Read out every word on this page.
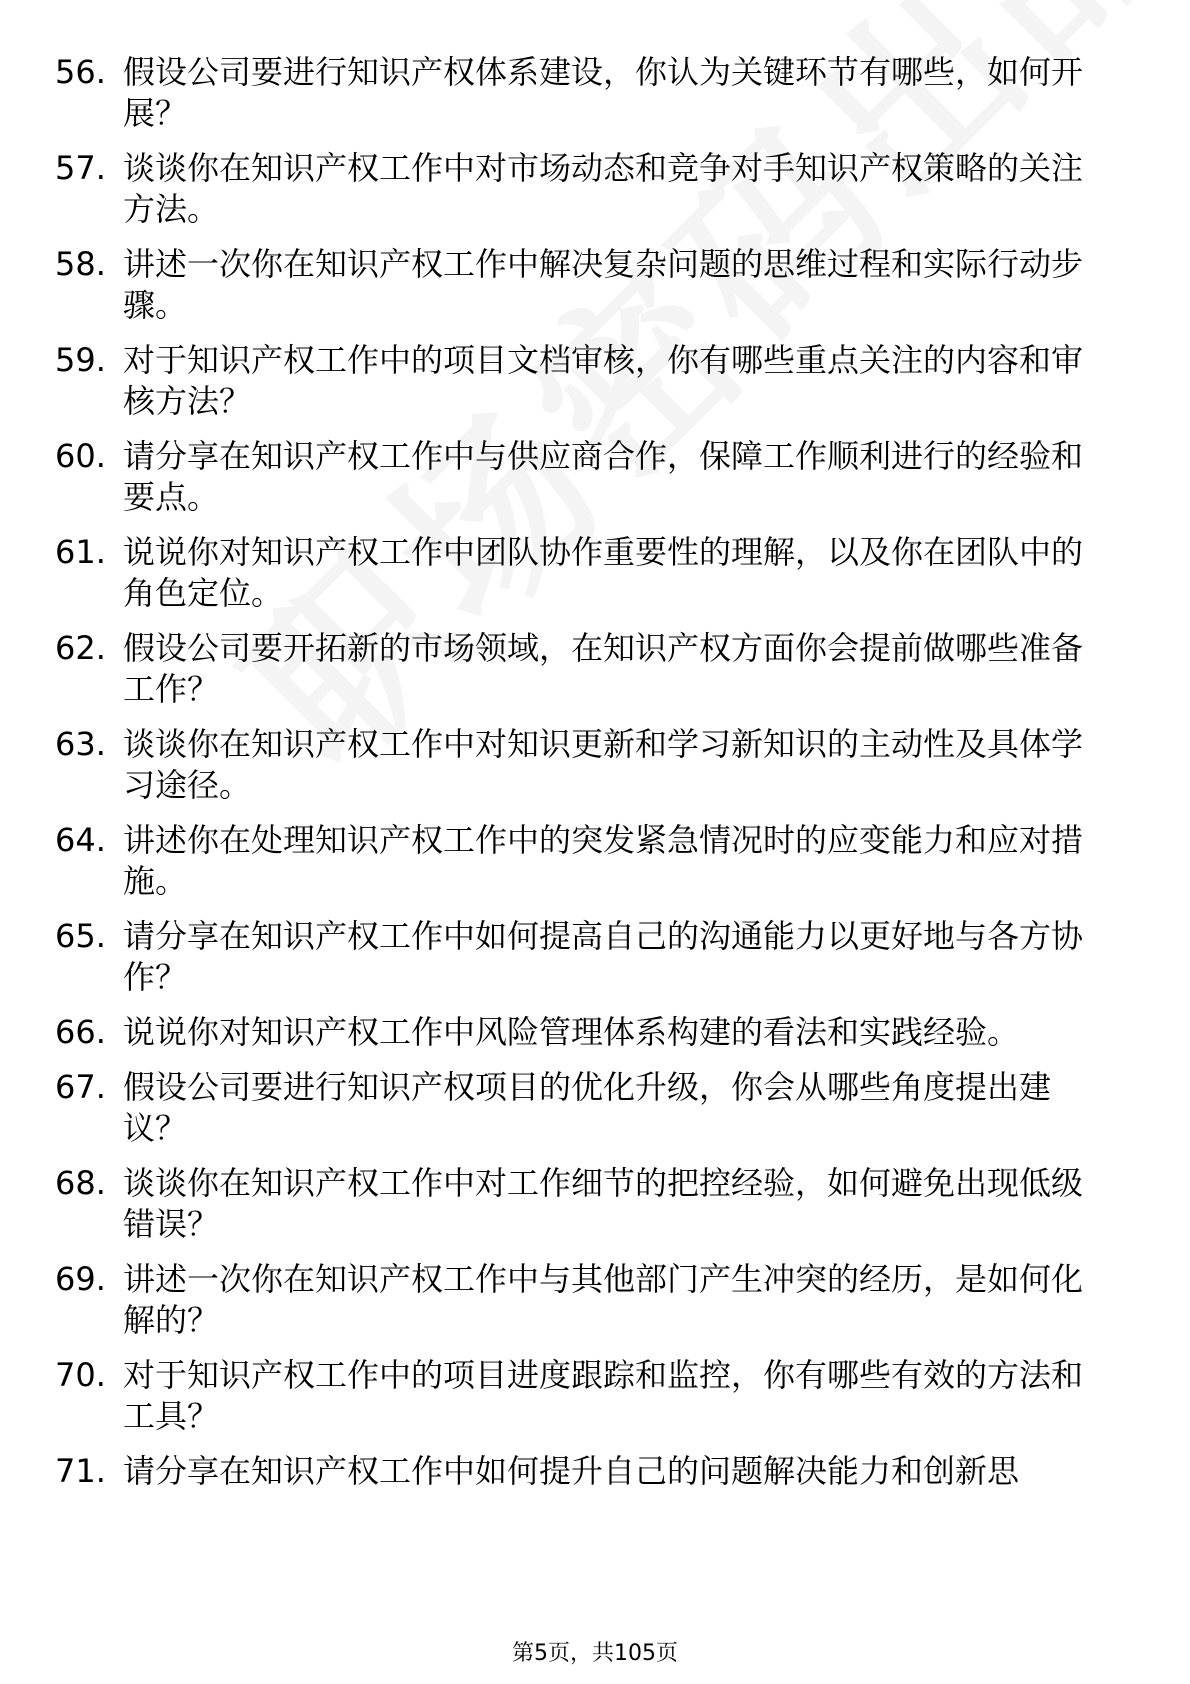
56. 假设公司要进行知识产权体系建设，你认为关键环节有哪些，如何开展？
57. 谈谈你在知识产权工作中对市场动态和竞争对手知识产权策略的关注方法。
58. 讲述一次你在知识产权工作中解决复杂问题的思维过程和实际行动步骤。
59. 对于知识产权工作中的项目文档审核，你有哪些重点关注的内容和审核方法？
60. 请分享在知识产权工作中与供应商合作，保障工作顺利进行的经验和要点。
61. 说说你对知识产权工作中团队协作重要性的理解，以及你在团队中的角色定位。
62. 假设公司要开拓新的市场领域，在知识产权方面你会提前做哪些准备工作？
63. 谈谈你在知识产权工作中对知识更新和学习新知识的主动性及具体学习途径。
64. 讲述你在处理知识产权工作中的突发紧急情况时的应变能力和应对措施。
65. 请分享在知识产权工作中如何提高自己的沟通能力以更好地与各方协作？
66. 说说你对知识产权工作中风险管理体系构建的看法和实践经验。
67. 假设公司要进行知识产权项目的优化升级，你会从哪些角度提出建议？
68. 谈谈你在知识产权工作中对工作细节的把控经验，如何避免出现低级错误？
69. 讲述一次你在知识产权工作中与其他部门产生冲突的经历，是如何化解的？
70. 对于知识产权工作中的项目进度跟踪和监控，你有哪些有效的方法和工具？
71. 请分享在知识产权工作中如何提升自己的问题解决能力和创新思
第5页，共105页
